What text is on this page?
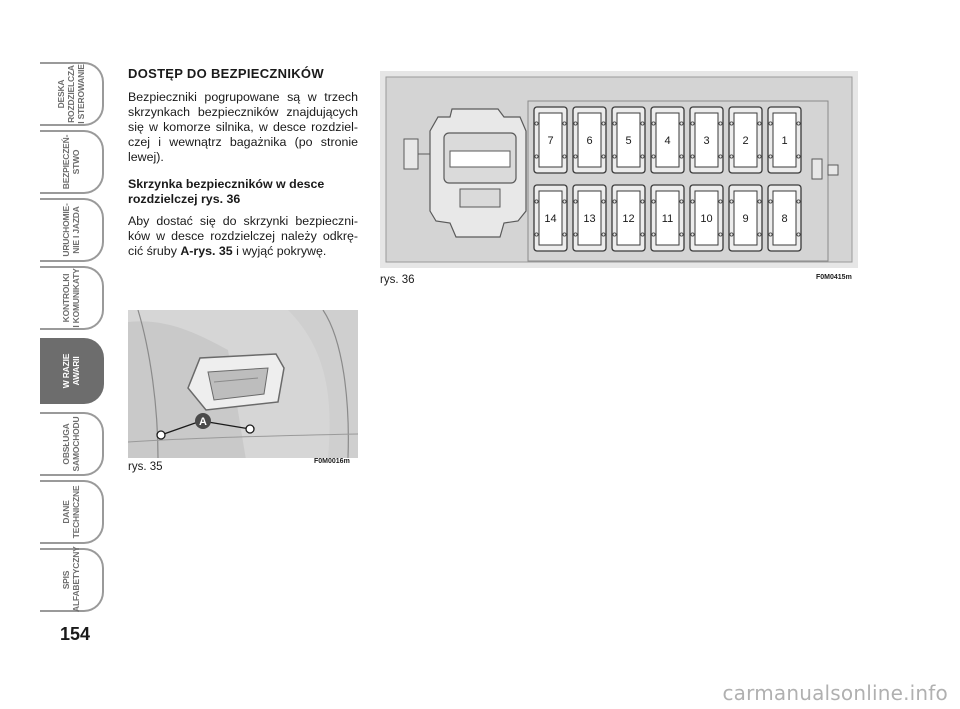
DESKA
ROZDZIELCZA
I STEROWANIE
BEZPIECZEŃ-
STWO
URUCHOMIE-
NIE I JAZDA
KONTROLKI
I KOMUNIKATY
W RAZIE
AWARII
OBSŁUGA
SAMOCHODU
DANE
TECHNICZNE
SPIS
ALFABETYCZNY
154
DOSTĘP DO BEZPIECZNIKÓW

Bezpieczniki pogrupowane są w trzech skrzynkach bezpieczników znajdujących się w komorze silnika, w desce rozdziel- czej i wewnątrz bagażnika (po stronie lewej).

Skrzynka bezpieczników w desce rozdzielczej rys. 36

Aby dostać się do skrzynki bezpieczni- ków w desce rozdzielczej należy odkrę- cić śruby A-rys. 35 i wyjąć pokrywę.

A
rys. 35	F0M0016m
7	6	5	4	3	2	1
14 13 12 11 10	9	8
rys. 36	F0M0415m
carmanualsonline.info
